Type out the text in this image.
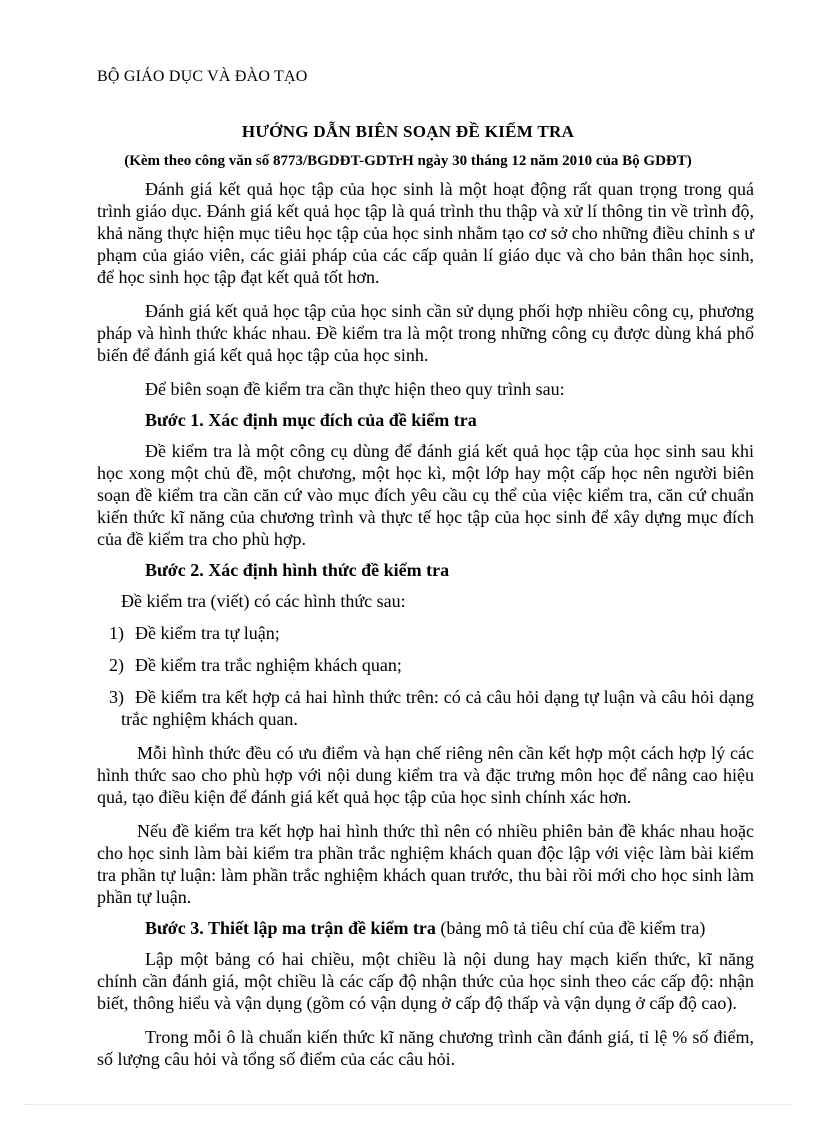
BỘ GIÁO DỤC VÀ ĐÀO TẠO
HƯỚNG DẪN BIÊN SOẠN ĐỀ KIỂM TRA
(Kèm theo công văn số 8773/BGDĐT-GDTrH ngày 30 tháng 12 năm 2010 của Bộ GDĐT)

Đánh giá kết quả học tập của học sinh là một hoạt động rất quan trọng trong quá trình giáo dục. Đánh giá kết quả học tập là quá trình thu thập và xử lí thông tin về trình độ, khả năng thực hiện mục tiêu học tập của học sinh nhằm tạo cơ sở cho những điều chỉnh s ư phạm của giáo viên, các giải pháp của các cấp quản lí giáo dục và cho bản thân học sinh, để học sinh học tập đạt kết quả tốt hơn.

Đánh giá kết quả học tập của học sinh cần sử dụng phối hợp nhiều công cụ, phương pháp và hình thức khác nhau. Đề kiểm tra là một trong những công cụ được dùng khá phổ biến để đánh giá kết quả học tập của học sinh.

Để biên soạn đề kiểm tra cần thực hiện theo quy trình sau:

Bước 1. Xác định mục đích của đề kiểm tra

Đề kiểm tra là một công cụ dùng để đánh giá kết quả học tập của học sinh sau khi học xong một chủ đề, một chương, một học kì, một lớp hay một cấp học nên người biên soạn đề kiểm tra cần căn cứ vào mục đích yêu cầu cụ thể của việc kiểm tra, căn cứ chuẩn kiến thức kĩ năng của chương trình và thực tế học tập của học sinh để xây dựng mục đích của đề kiểm tra cho phù hợp.

Bước 2. Xác định hình thức đề kiểm tra

Đề kiểm tra (viết) có các hình thức sau:

1) Đề kiểm tra tự luận;

2) Đề kiểm tra trắc nghiệm khách quan;

3) Đề kiểm tra kết hợp cả hai hình thức trên: có cả câu hỏi dạng tự luận và câu hỏi dạng trắc nghiệm khách quan.

Mỗi hình thức đều có ưu điểm và hạn chế riêng nên cần kết hợp một cách hợp lý các hình thức sao cho phù hợp với nội dung kiểm tra và đặc trưng môn học để nâng cao hiệu quả, tạo điều kiện để đánh giá kết quả học tập của học sinh chính xác hơn.

Nếu đề kiểm tra kết hợp hai hình thức thì nên có nhiều phiên bản đề khác nhau hoặc cho học sinh làm bài kiểm tra phần trắc nghiệm khách quan độc lập với việc làm bài kiểm tra phần tự luận: làm phần trắc nghiệm khách quan trước, thu bài rồi mới cho học sinh làm phần tự luận.

Bước 3. Thiết lập ma trận đề kiểm tra (bảng mô tả tiêu chí của đề kiểm tra)

Lập một bảng có hai chiều, một chiều là nội dung hay mạch kiến thức, kĩ năng chính cần đánh giá, một chiều là các cấp độ nhận thức của học sinh theo các cấp độ: nhận biết, thông hiểu và vận dụng (gồm có vận dụng ở cấp độ thấp và vận dụng ở cấp độ cao).

Trong mỗi ô là chuẩn kiến thức kĩ năng chương trình cần đánh giá, tỉ lệ % số điểm, số lượng câu hỏi và tổng số điểm của các câu hỏi.
